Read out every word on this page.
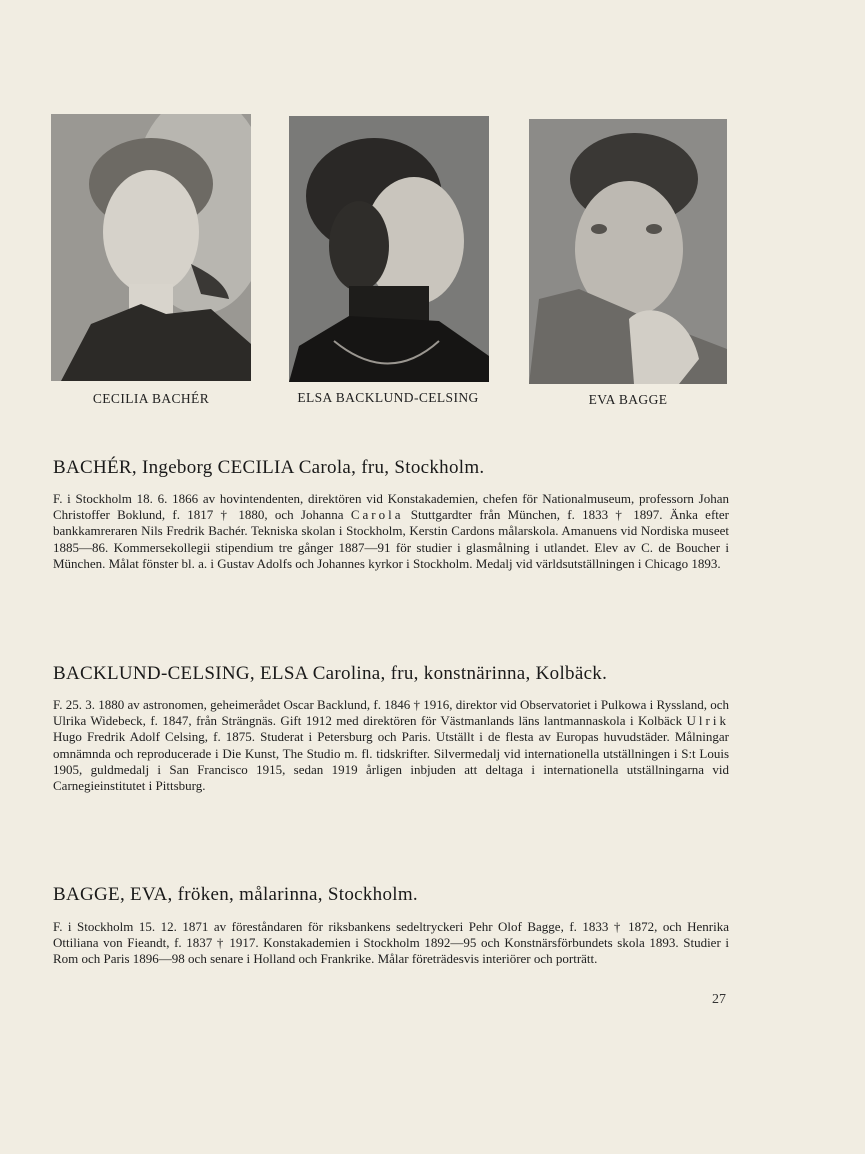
CECILIA BACHÉR	ELSA BACKLUND-CELSING	EVA BAGGE
BACHÉR, Ingeborg CECILIA Carola, fru, Stockholm.

F. i Stockholm 18. 6. 1866 av hovintendenten, direktören vid Konstakademien, chefen för Nationalmuseum, professorn Johan Christoffer Boklund, f. 1817 † 1880, och Johanna Carola Stuttgardter från München, f. 1833 † 1897. Änka efter bankkamreraren Nils Fredrik Bachér. Tekniska skolan i Stockholm, Kerstin Cardons målarskola. Amanuens vid Nordiska museet 1885—86. Kommersekollegii stipendium tre gånger 1887—91 för studier i glasmålning i utlandet. Elev av C. de Boucher i München. Målat fönster bl. a. i Gustav Adolfs och Johannes kyrkor i Stockholm. Medalj vid världsutställningen i Chicago 1893.

BACKLUND-CELSING, ELSA Carolina, fru, konstnärinna, Kolbäck.

F. 25. 3. 1880 av astronomen, geheimerådet Oscar Backlund, f. 1846 † 1916, direktor vid Observatoriet i Pulkowa i Ryssland, och Ulrika Widebeck, f. 1847, från Strängnäs. Gift 1912 med direktören för Västmanlands läns lantmannaskola i Kolbäck Ulrik Hugo Fredrik Adolf Celsing, f. 1875. Studerat i Petersburg och Paris. Utställt i de flesta av Europas huvudstäder. Målningar omnämnda och reproducerade i Die Kunst, The Studio m. fl. tidskrifter. Silvermedalj vid internationella utställningen i S:t Louis 1905, guldmedalj i San Francisco 1915, sedan 1919 årligen inbjuden att deltaga i internationella utställningarna vid Carnegieinstitutet i Pittsburg.

BAGGE, EVA, fröken, målarinna, Stockholm.

F. i Stockholm 15. 12. 1871 av föreståndaren för riksbankens sedeltryckeri Pehr Olof Bagge, f. 1833 † 1872, och Henrika Ottiliana von Fieandt, f. 1837 † 1917. Konstakademien i Stockholm 1892—95 och Konstnärsförbundets skola 1893. Studier i Rom och Paris 1896—98 och senare i Holland och Frankrike. Målar företrädesvis interiörer och porträtt.

27
